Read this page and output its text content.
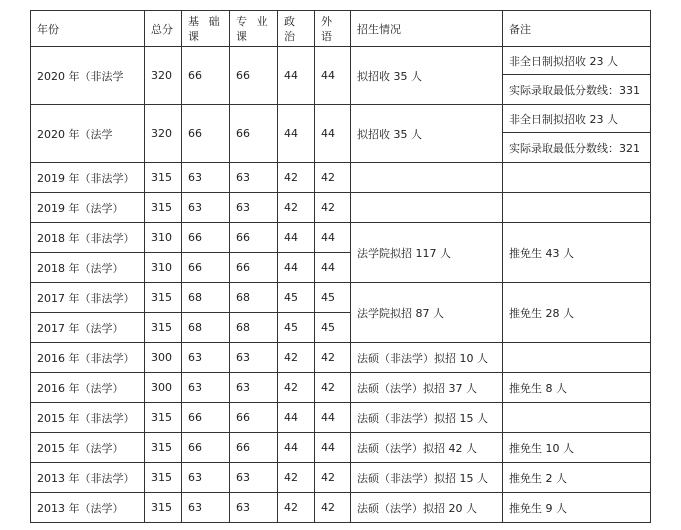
年份	总分	基 础 课	专 业 课	政 治	外 语	招生情况	备注
2020 年（非法学	320	66	66	44	44	拟招收 35 人	非全日制拟招收 23 人
							实际录取最低分数线：331
2020 年（法学	320	66	66	44	44	拟招收 35 人	非全日制拟招收 23 人
							实际录取最低分数线：321
2019 年（非法学）	315	63	63	42	42		
2019 年（法学）	315	63	63	42	42		
2018 年（非法学）	310	66	66	44	44	法学院拟招 117 人	推免生 43 人
2018 年（法学）	310	66	66	44	44		
2017 年（非法学）	315	68	68	45	45	法学院拟招 87 人	推免生 28 人
2017 年（法学）	315	68	68	45	45		
2016 年（非法学）	300	63	63	42	42	法硕（非法学）拟招 10 人	
2016 年（法学）	300	63	63	42	42	法硕（法学）拟招 37 人	推免生 8 人
2015 年（非法学）	315	66	66	44	44	法硕（非法学）拟招 15 人	
2015 年（法学）	315	66	66	44	44	法硕（法学）拟招 42 人	推免生 10 人
2013 年（非法学）	315	63	63	42	42	法硕（非法学）拟招 15 人	推免生 2 人
2013 年（法学）	315	63	63	42	42	法硕（法学）拟招 20 人	推免生 9 人
